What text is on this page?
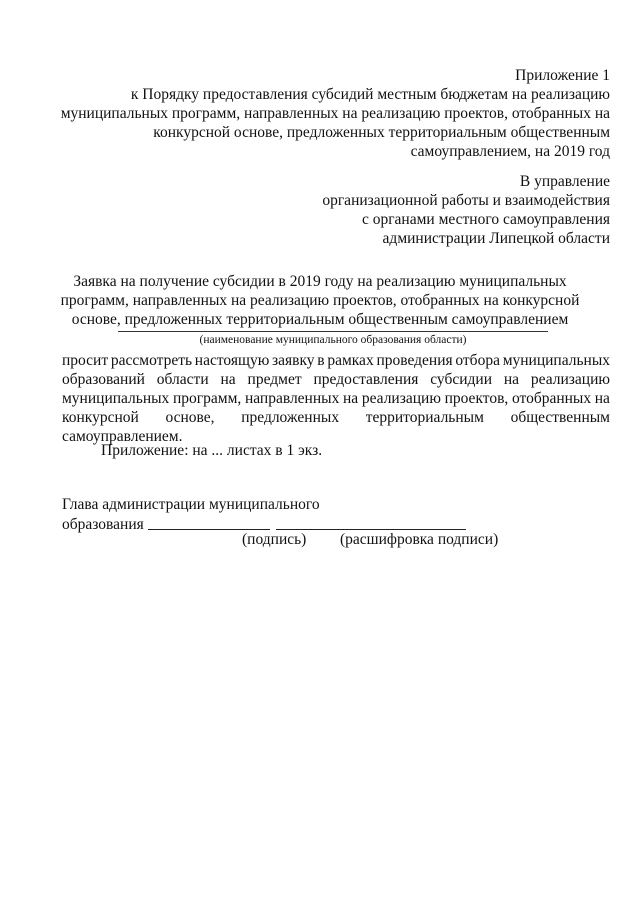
Приложение 1
к Порядку предоставления субсидий местным бюджетам на реализацию
муниципальных программ, направленных на реализацию проектов, отобранных на
конкурсной основе, предложенных территориальным общественным
самоуправлением, на 2019 год
В управление
организационной работы и взаимодействия
с органами местного самоуправления
администрации Липецкой области
Заявка на получение субсидии в 2019 году на реализацию муниципальных
программ, направленных на реализацию проектов, отобранных на конкурсной
основе, предложенных территориальным общественным самоуправлением
(наименование муниципального образования области)
просит рассмотреть настоящую заявку в рамках проведения отбора муниципальных
образований области на предмет предоставления субсидии на реализацию
муниципальных программ, направленных на реализацию проектов, отобранных на
конкурсной основе, предложенных территориальным общественным
самоуправлением.
Приложение: на ... листах в 1 экз.
Глава администрации муниципального
образования
(подпись) (расшифровка подписи)
